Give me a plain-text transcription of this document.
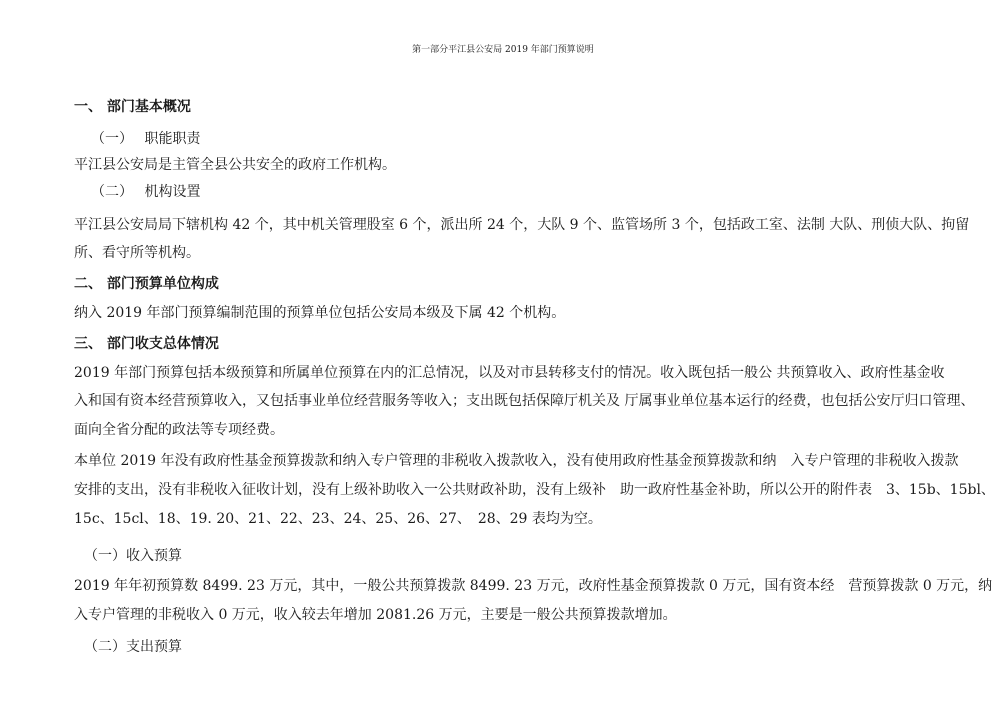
第一部分平江县公安局 2019 年部门预算说明
一、 部门基本概况
（一）　 职能职责
平江县公安局是主管全县公共安全的政府工作机构。
（二）　 机构设置
平江县公安局局下辖机构 42 个，其中机关管理股室 6 个，派出所 24 个，大队 9 个、监管场所 3 个，包括政工室、法制 大队、刑侦大队、拘留
所、看守所等机构。
二、 部门预算单位构成
纳入 2019 年部门预算编制范围的预算单位包括公安局本级及下属 42 个机构。
三、 部门收支总体情况
2019 年部门预算包括本级预算和所属单位预算在内的汇总情况，以及对市县转移支付的情况。收入既包括一般公 共预算收入、政府性基金收
入和国有资本经营预算收入，又包括事业单位经营服务等收入；支出既包括保障厅机关及 厅属事业单位基本运行的经费，也包括公安厅归口管理、
面向全省分配的政法等专项经费。
本单位 2019 年没有政府性基金预算拨款和纳入专户管理的非税收入拨款收入，没有使用政府性基金预算拨款和纳　入专户管理的非税收入拨款
安排的支出，没有非税收入征收计划，没有上级补助收入一公共财政补助，没有上级补　助一政府性基金补助，所以公开的附件表　3、15b、15bl、
15c、15cl、18、19. 20、21、22、23、24、25、26、27、　28、29 表均为空。
（一）收入预算
2019 年年初预算数 8499. 23 万元，其中，一般公共预算拨款 8499. 23 万元，改府性基金预算拨款 0 万元，国有资本经　营预算拨款 0 万元，纳
入专户管理的非税收入 0 万元，收入较去年增加 2081.26 万元，主要是一般公共预算拨款增加。
（二）支出预算
